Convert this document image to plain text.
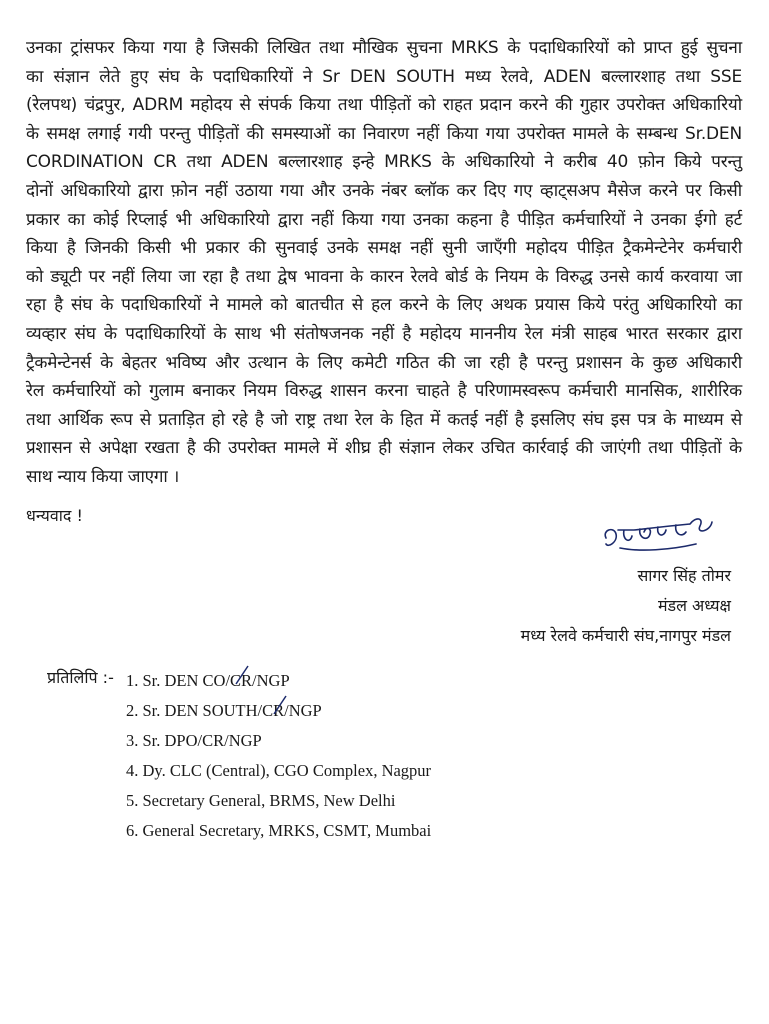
उनका ट्रांसफर किया गया है जिसकी लिखित तथा मौखिक सुचना MRKS के पदाधिकारियों को प्राप्त हुई सुचना
का संज्ञान लेते हुए संघ के पदाधिकारियों ने Sr DEN SOUTH मध्य रेलवे, ADEN बल्लारशाह तथा SSE
(रेलपथ) चंद्रपुर, ADRM महोदय से संपर्क किया तथा पीड़ितों को राहत प्रदान करने की गुहार उपरोक्त अधिकारियो
के समक्ष लगाई गयी परन्तु पीड़ितों की समस्याओं का निवारण नहीं किया गया उपरोक्त मामले के सम्बन्ध Sr.DEN
CORDINATION CR तथा ADEN बल्लारशाह इन्हे MRKS के अधिकारियो ने करीब 40 फ़ोन किये परन्तु
दोनों अधिकारियो द्वारा फ़ोन नहीं उठाया गया और उनके नंबर ब्लॉक कर दिए गए व्हाट्सअप मैसेज करने पर किसी
प्रकार का कोई रिप्लाई भी अधिकारियो द्वारा नहीं किया गया उनका कहना है पीड़ित कर्मचारियों ने उनका ईगो हर्ट
किया है जिनकी किसी भी प्रकार की सुनवाई उनके समक्ष नहीं सुनी जाएँगी महोदय पीड़ित ट्रैकमेन्टेनेर कर्मचारी
को ड्यूटी पर नहीं लिया जा रहा है तथा द्वेष भावना के कारन रेलवे बोर्ड के नियम के विरुद्ध उनसे कार्य करवाया जा
रहा है संघ के पदाधिकारियों ने मामले को बातचीत से हल करने के लिए अथक प्रयास किये परंतु अधिकारियो का
व्यव्हार संघ के पदाधिकारियों के साथ भी संतोषजनक नहीं है महोदय माननीय रेल मंत्री साहब भारत सरकार द्वारा
ट्रैकमेन्टेनर्स के बेहतर भविष्य और उत्थान के लिए कमेटी गठित की जा रही है परन्तु प्रशासन के कुछ अधिकारी
रेल कर्मचारियों को गुलाम बनाकर नियम विरुद्ध शासन करना चाहते है परिणामस्वरूप कर्मचारी मानसिक, शारीरिक
तथा आर्थिक रूप से प्रताड़ित हो रहे है जो राष्ट्र तथा रेल के हित में कतई नहीं है इसलिए संघ इस पत्र के माध्यम से
प्रशासन से अपेक्षा रखता है की उपरोक्त मामले में शीघ्र ही संज्ञान लेकर उचित कार्रवाई की जाएंगी तथा पीड़ितों के
साथ न्याय किया जाएगा ।
धन्यवाद !
सागर सिंह तोमर
मंडल अध्यक्ष
मध्य रेलवे कर्मचारी संघ,नागपुर मंडल
प्रतिलिपि :- 1. Sr. DEN CO/CR/NGP
2. Sr. DEN SOUTH/CR/NGP
3. Sr. DPO/CR/NGP
4. Dy. CLC (Central), CGO Complex, Nagpur
5. Secretary General, BRMS, New Delhi
6. General Secretary, MRKS, CSMT, Mumbai
